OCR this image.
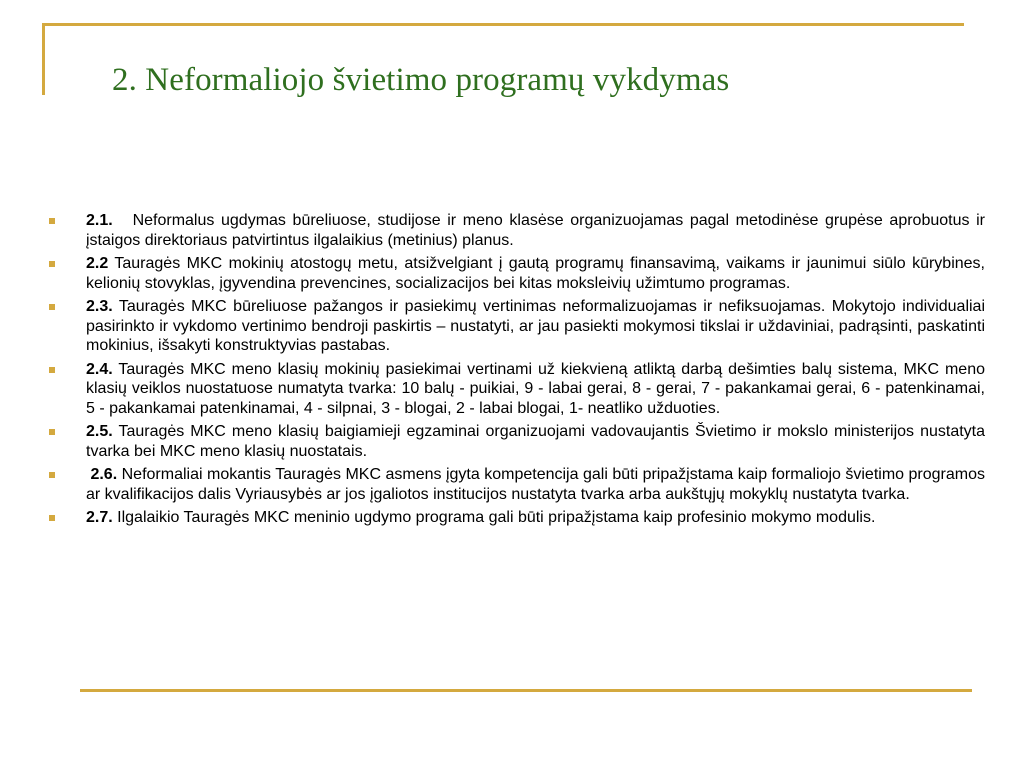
2. Neformaliojo švietimo programų vykdymas
2.1. Neformalus ugdymas būreliuose, studijose ir meno klasėse organizuojamas pagal metodinėse grupėse aprobuotus ir įstaigos direktoriaus patvirtintus ilgalaikius (metinius) planus.
2.2 Tauragės MKC mokinių atostogų metu, atsižvelgiant į gautą programų finansavimą, vaikams ir jaunimui siūlo kūrybines, kelionių stovyklas, įgyvendina prevencines, socializacijos bei kitas moksleivių užimtumo programas.
2.3. Tauragės MKC būreliuose pažangos ir pasiekimų vertinimas neformalizuojamas ir nefiksuojamas. Mokytojo individualiai pasirinkto ir vykdomo vertinimo bendroji paskirtis – nustatyti, ar jau pasiekti mokymosi tikslai ir uždaviniai, padrąsinti, paskatinti mokinius, išsakyti konstruktyvias pastabas.
2.4. Tauragės MKC meno klasių mokinių pasiekimai vertinami už kiekvieną atliktą darbą dešimties balų sistema, MKC meno klasių veiklos nuostatuose numatyta tvarka: 10 balų - puikiai, 9 - labai gerai, 8 - gerai, 7 - pakankamai gerai, 6 - patenkinamai, 5 - pakankamai patenkinamai, 4 - silpnai, 3 - blogai, 2 - labai blogai, 1- neatliko užduoties.
2.5. Tauragės MKC meno klasių baigiamieji egzaminai organizuojami vadovaujantis Švietimo ir mokslo ministerijos nustatyta tvarka bei MKC meno klasių nuostatais.
2.6. Neformaliai mokantis Tauragės MKC asmens įgyta kompetencija gali būti pripažįstama kaip formaliojo švietimo programos ar kvalifikacijos dalis Vyriausybės ar jos įgaliotos institucijos nustatyta tvarka arba aukštųjų mokyklų nustatyta tvarka.
2.7. Ilgalaikio Tauragės MKC meninio ugdymo programa gali būti pripažįstama kaip profesinio mokymo modulis.
